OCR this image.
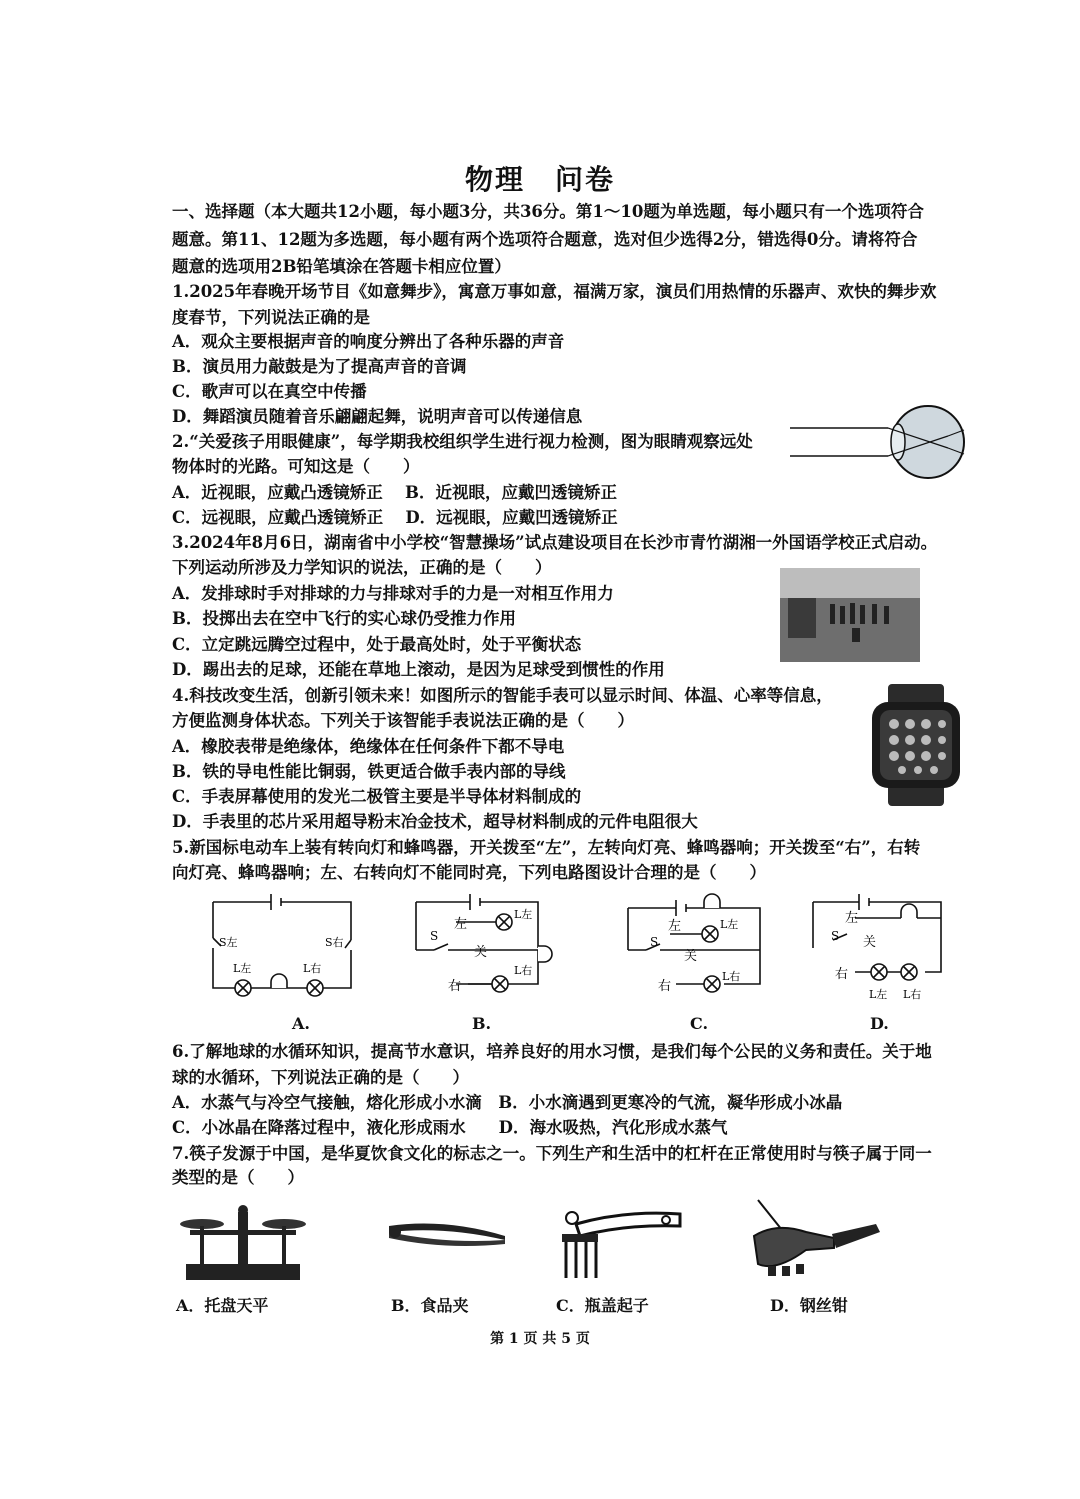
物理　问卷
一、选择题（本大题共12小题，每小题3分，共36分。第1～10题为单选题，每小题只有一个选项符合
题意。第11、12题为多选题，每小题有两个选项符合题意，选对但少选得2分，错选得0分。请将符合
题意的选项用2B铅笔填涂在答题卡相应位置）
1.2025年春晚开场节目《如意舞步》，寓意万事如意，福满万家，演员们用热情的乐器声、欢快的舞步欢
度春节，下列说法正确的是
A．观众主要根据声音的响度分辨出了各种乐器的声音
B．演员用力敲鼓是为了提高声音的音调
C．歌声可以在真空中传播
D．舞蹈演员随着音乐翩翩起舞，说明声音可以传递信息
2.“关爱孩子用眼健康”，每学期我校组织学生进行视力检测，图为眼睛观察远处
物体时的光路。可知这是（　　）
A．近视眼，应戴凸透镜矫正　 B．近视眼，应戴凹透镜矫正
C．远视眼，应戴凸透镜矫正　 D．远视眼，应戴凹透镜矫正
3.2024年8月6日，湖南省中小学校“智慧操场”试点建设项目在长沙市青竹湖湘一外国语学校正式启动。
下列运动所涉及力学知识的说法，正确的是（　　）
A．发排球时手对排球的力与排球对手的力是一对相互作用力
B．投掷出去在空中飞行的实心球仍受推力作用
C．立定跳远腾空过程中，处于最高处时，处于平衡状态
D．踢出去的足球，还能在草地上滚动，是因为足球受到惯性的作用
4.科技改变生活，创新引领未来！如图所示的智能手表可以显示时间、体温、心率等信息，
方便监测身体状态。下列关于该智能手表说法正确的是（　　）
A．橡胶表带是绝缘体，绝缘体在任何条件下都不导电
B．铁的导电性能比铜弱，铁更适合做手表内部的导线
C．手表屏幕使用的发光二极管主要是半导体材料制成的
D．手表里的芯片采用超导粉末冶金技术，超导材料制成的元件电阻很大
5.新国标电动车上装有转向灯和蜂鸣器，开关拨至“左”，左转向灯亮、蜂鸣器响；开关拨至“右”，右转
向灯亮、蜂鸣器响；左、右转向灯不能同时亮，下列电路图设计合理的是（　　）
S左	S右
L左	L右
左
S
关
右
L左
L右
左
S
关
右
L左
L右
左
S 关
右
L左 L右
A.	B.	C.	D.
6.了解地球的水循环知识，提高节水意识，培养良好的用水习惯，是我们每个公民的义务和责任。关于地
球的水循环，下列说法正确的是（　　）
A．水蒸气与冷空气接触，熔化形成小水滴　B．小水滴遇到更寒冷的气流，凝华形成小冰晶
C．小冰晶在降落过程中，液化形成雨水　　D．海水吸热，汽化形成水蒸气
7.筷子发源于中国，是华夏饮食文化的标志之一。下列生产和生活中的杠杆在正常使用时与筷子属于同一
类型的是（　　）
A．托盘天平	B．食品夹	C．瓶盖起子	D．钢丝钳
第 1 页 共 5 页
